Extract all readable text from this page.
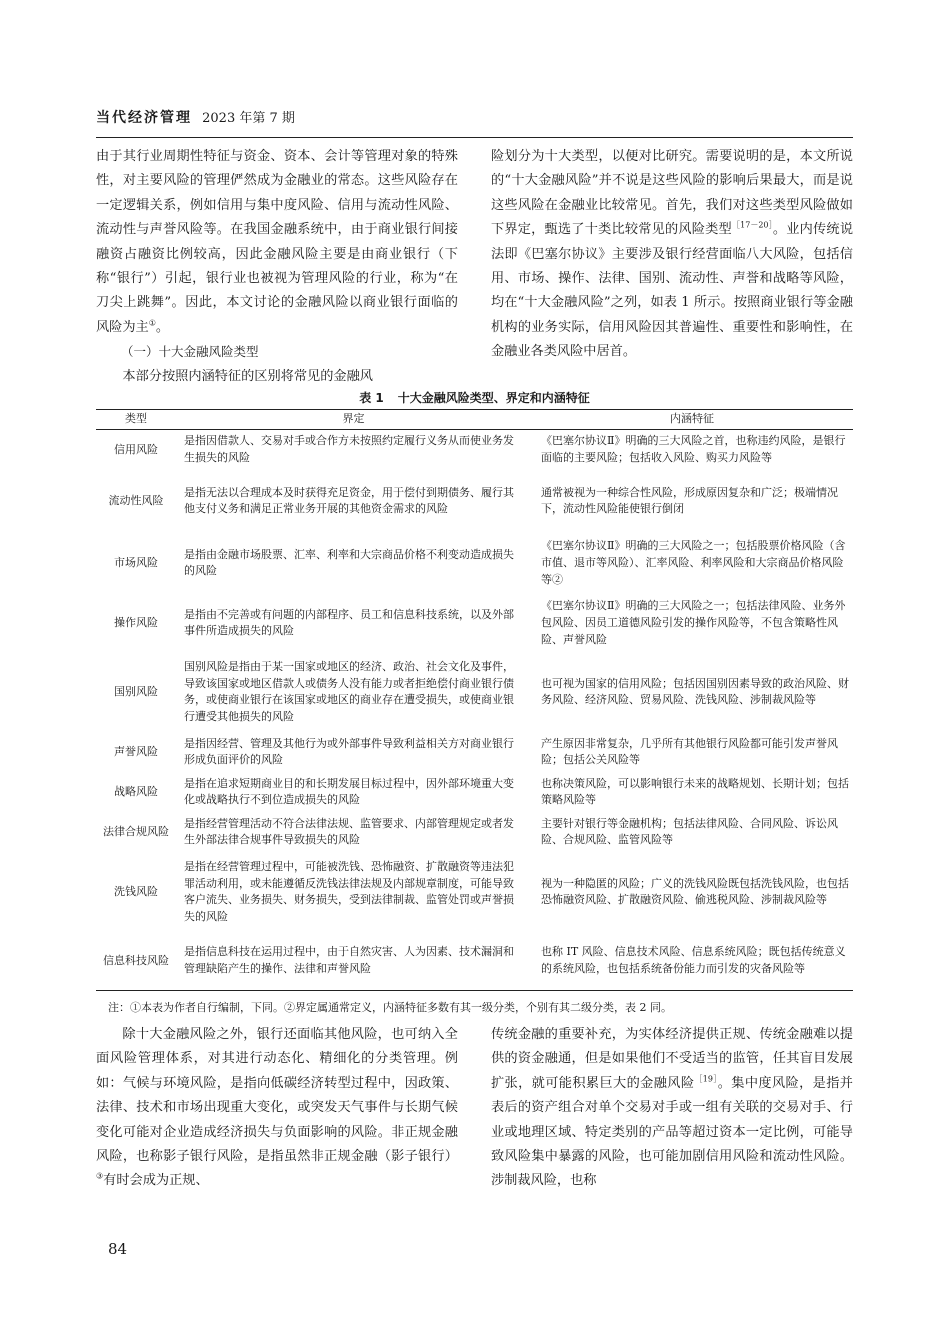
当代经济管理 2023 年第 7 期

由于其行业周期性特征与资金、资本、会计等管理对象的特殊性，对主要风险的管理俨然成为金融业的常态。这些风险存在一定逻辑关系，例如信用与集中度风险、信用与流动性风险、流动性与声誉风险等。在我国金融系统中，由于商业银行间接融资占融资比例较高，因此金融风险主要是由商业银行（下称“银行”）引起，银行业也被视为管理风险的行业，称为“在刀尖上跳舞”。因此，本文讨论的金融风险以商业银行面临的风险为主①。

（一）十大金融风险类型

本部分按照内涵特征的区别将常见的金融风

险划分为十大类型，以便对比研究。需要说明的是，本文所说的“十大金融风险”并不说是这些风险的影响后果最大，而是说这些风险在金融业比较常见。首先，我们对这些类型风险做如下界定，甄选了十类比较常见的风险类型$^{[17-20]}$。业内传统说法即《巴塞尔协议》主要涉及银行经营面临八大风险，包括信用、市场、操作、法律、国别、流动性、声誉和战略等风险，均在“十大金融风险”之列，如表 1 所示。按照商业银行等金融机构的业务实际，信用风险因其普遍性、重要性和影响性，在金融业各类风险中居首。

表 1 十大金融风险类型、界定和内涵特征
类型	界定	内涵特征
信用风险	是指因借款人、交易对手或合作方未按照约定履行义务从而使业务发生损失的风险	《巴塞尔协议Ⅱ》明确的三大风险之首，也称违约风险，是银行面临的主要风险；包括收入风险、购买力风险等
流动性风险	是指无法以合理成本及时获得充足资金，用于偿付到期债务、履行其他支付义务和满足正常业务开展的其他资金需求的风险	通常被视为一种综合性风险，形成原因复杂和广泛；极端情况下，流动性风险能使银行倒闭
市场风险	是指由金融市场股票、汇率、利率和大宗商品价格不利变动造成损失的风险	《巴塞尔协议Ⅱ》明确的三大风险之一；包括股票价格风险（含市值、退市等风险）、汇率风险、利率风险和大宗商品价格风险等②
操作风险	是指由不完善或有问题的内部程序、员工和信息科技系统，以及外部事件所造成损失的风险	《巴塞尔协议Ⅱ》明确的三大风险之一；包括法律风险、业务外包风险、因员工道德风险引发的操作风险等，不包含策略性风险、声誉风险
国别风险	国别风险是指由于某一国家或地区的经济、政治、社会文化及事件，导致该国家或地区借款人或债务人没有能力或者拒绝偿付商业银行债务，或使商业银行在该国家或地区的商业存在遭受损失，或使商业银行遭受其他损失的风险	也可视为国家的信用风险；包括因国别因素导致的政治风险、财务风险、经济风险、贸易风险、洗钱风险、涉制裁风险等
声誉风险	是指因经营、管理及其他行为或外部事件导致利益相关方对商业银行形成负面评价的风险	产生原因非常复杂，几乎所有其他银行风险都可能引发声誉风险；包括公关风险等
战略风险	是指在追求短期商业目的和长期发展目标过程中，因外部环境重大变化或战略执行不到位造成损失的风险	也称决策风险，可以影响银行未来的战略规划、长期计划；包括策略风险等
法律合规风险	是指经营管理活动不符合法律法规、监管要求、内部管理规定或者发生外部法律合规事件导致损失的风险	主要针对银行等金融机构；包括法律风险、合同风险、诉讼风险、合规风险、监管风险等
洗钱风险	是指在经营管理过程中，可能被洗钱、恐怖融资、扩散融资等违法犯罪活动利用，或未能遵循反洗钱法律法规及内部规章制度，可能导致客户流失、业务损失、财务损失，受到法律制裁、监管处罚或声誉损失的风险	视为一种隐匿的风险；广义的洗钱风险既包括洗钱风险，也包括恐怖融资风险、扩散融资风险、偷逃税风险、涉制裁风险等
信息科技风险	是指信息科技在运用过程中，由于自然灾害、人为因素、技术漏洞和管理缺陷产生的操作、法律和声誉风险	也称 IT 风险、信息技术风险、信息系统风险；既包括传统意义的系统风险，也包括系统备份能力而引发的灾备风险等
注：①本表为作者自行编制，下同。②界定属通常定义，内涵特征多数有其一级分类，个别有其二级分类，表 2 同。

除十大金融风险之外，银行还面临其他风险，也可纳入全面风险管理体系，对其进行动态化、精细化的分类管理。例如：气候与环境风险，是指向低碳经济转型过程中，因政策、法律、技术和市场出现重大变化，或突发天气事件与长期气候变化可能对企业造成经济损失与负面影响的风险。非正规金融风险，也称影子银行风险，是指虽然非正规金融（影子银行）③有时会成为正规、

传统金融的重要补充，为实体经济提供正规、传统金融难以提供的资金融通，但是如果他们不受适当的监管，任其盲目发展扩张，就可能积累巨大的金融风险$^{[19]}$。集中度风险，是指并表后的资产组合对单个交易对手或一组有关联的交易对手、行业或地理区域、特定类别的产品等超过资本一定比例，可能导致风险集中暴露的风险，也可能加剧信用风险和流动性风险。涉制裁风险，也称

84
